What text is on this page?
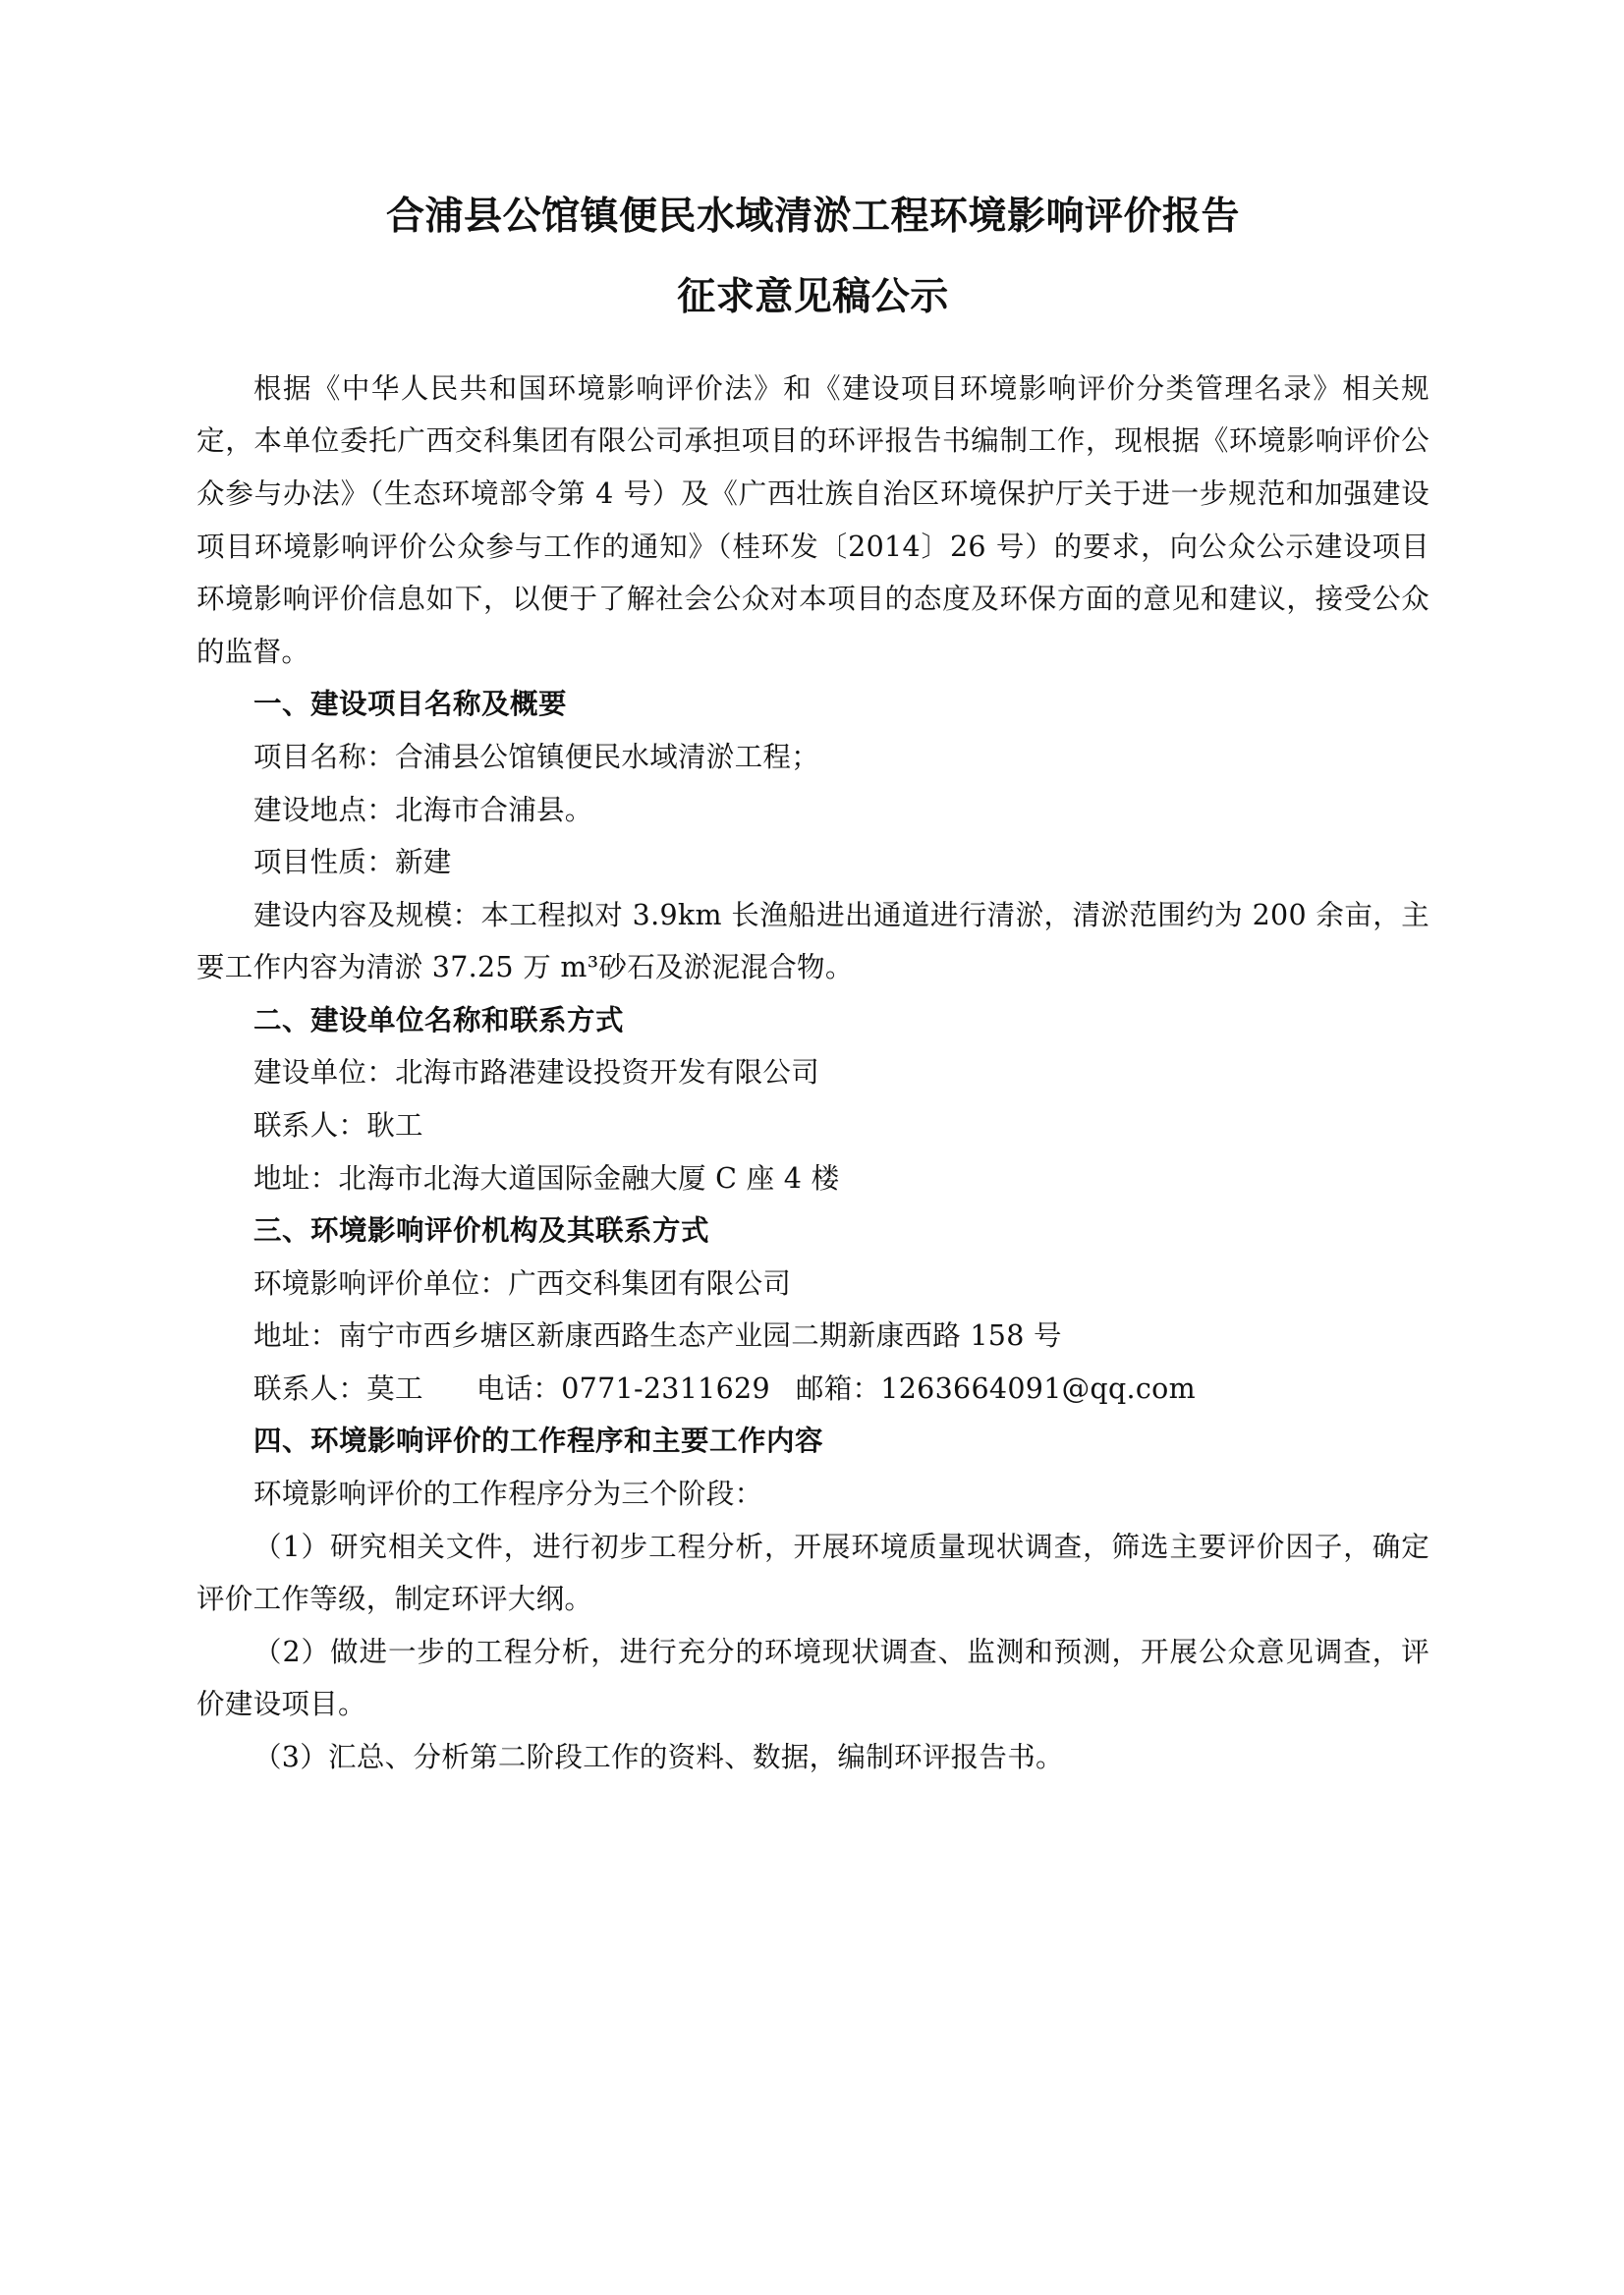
合浦县公馆镇便民水域清淤工程环境影响评价报告
征求意见稿公示

根据《中华人民共和国环境影响评价法》和《建设项目环境影响评价分类管理名录》相关规定，本单位委托广西交科集团有限公司承担项目的环评报告书编制工作，现根据《环境影响评价公众参与办法》（生态环境部令第 4 号）及《广西壮族自治区环境保护厅关于进一步规范和加强建设项目环境影响评价公众参与工作的通知》（桂环发〔2014〕26 号）的要求，向公众公示建设项目环境影响评价信息如下，以便于了解社会公众对本项目的态度及环保方面的意见和建议，接受公众的监督。

一、建设项目名称及概要

项目名称：合浦县公馆镇便民水域清淤工程；

建设地点：北海市合浦县。

项目性质：新建

建设内容及规模：本工程拟对 3.9km 长渔船进出通道进行清淤，清淤范围约为 200 余亩，主要工作内容为清淤 37.25 万 m³砂石及淤泥混合物。

二、建设单位名称和联系方式

建设单位：北海市路港建设投资开发有限公司

联系人：耿工

地址：北海市北海大道国际金融大厦 C 座 4 楼

三、环境影响评价机构及其联系方式

环境影响评价单位：广西交科集团有限公司

地址：南宁市西乡塘区新康西路生态产业园二期新康西路 158 号

联系人：莫工 电话：0771-2311629 邮箱：1263664091@qq.com

四、环境影响评价的工作程序和主要工作内容

环境影响评价的工作程序分为三个阶段：

（1）研究相关文件，进行初步工程分析，开展环境质量现状调查，筛选主要评价因子，确定评价工作等级，制定环评大纲。

（2）做进一步的工程分析，进行充分的环境现状调查、监测和预测，开展公众意见调查，评价建设项目。

（3）汇总、分析第二阶段工作的资料、数据，编制环评报告书。
